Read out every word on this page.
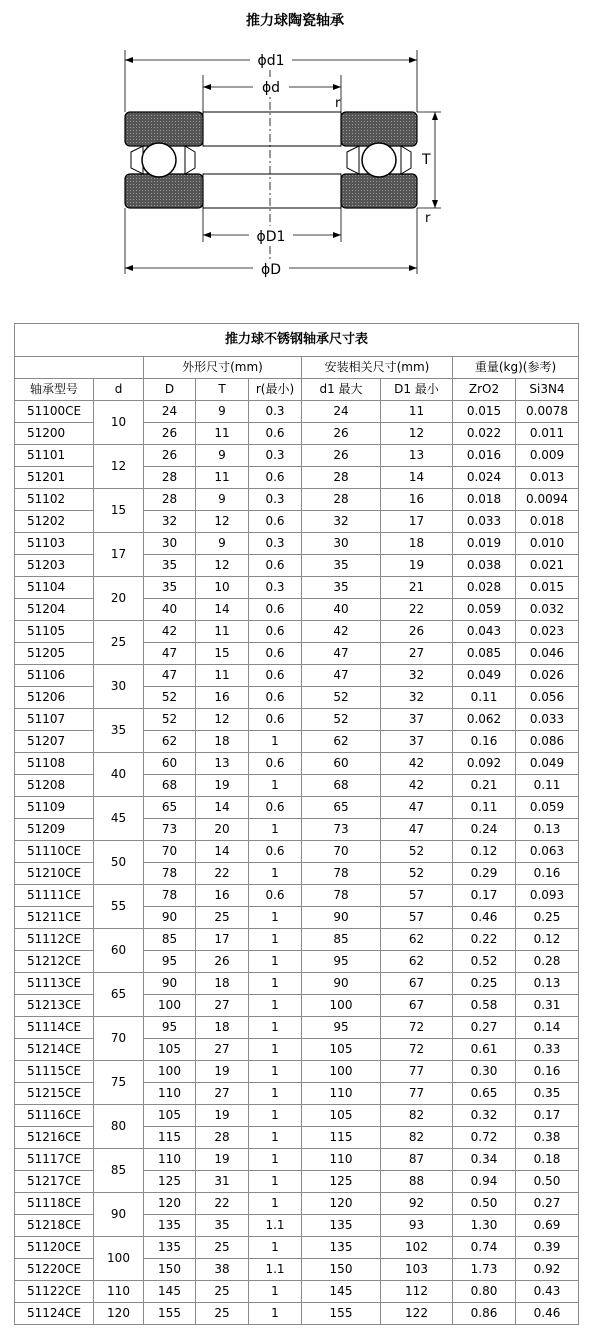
推力球陶瓷轴承
ϕd1
ϕd
r
T
r
ϕD1
ϕD
推力球不锈钢轴承尺寸表								
		外形尺寸(mm)			安装相关尺寸(mm)		重量(kg)(参考)	
轴承型号	d	D	T	r(最小)	d1 最大	D1 最小	ZrO2	Si3N4
51100CE	10	24	9	0.3	24	11	0.015	0.0078
51200		26	11	0.6	26	12	0.022	0.011
51101	12	26	9	0.3	26	13	0.016	0.009
51201		28	11	0.6	28	14	0.024	0.013
51102	15	28	9	0.3	28	16	0.018	0.0094
51202		32	12	0.6	32	17	0.033	0.018
51103	17	30	9	0.3	30	18	0.019	0.010
51203		35	12	0.6	35	19	0.038	0.021
51104	20	35	10	0.3	35	21	0.028	0.015
51204		40	14	0.6	40	22	0.059	0.032
51105	25	42	11	0.6	42	26	0.043	0.023
51205		47	15	0.6	47	27	0.085	0.046
51106	30	47	11	0.6	47	32	0.049	0.026
51206		52	16	0.6	52	32	0.11	0.056
51107	35	52	12	0.6	52	37	0.062	0.033
51207		62	18	1	62	37	0.16	0.086
51108	40	60	13	0.6	60	42	0.092	0.049
51208		68	19	1	68	42	0.21	0.11
51109	45	65	14	0.6	65	47	0.11	0.059
51209		73	20	1	73	47	0.24	0.13
51110CE	50	70	14	0.6	70	52	0.12	0.063
51210CE		78	22	1	78	52	0.29	0.16
51111CE	55	78	16	0.6	78	57	0.17	0.093
51211CE		90	25	1	90	57	0.46	0.25
51112CE	60	85	17	1	85	62	0.22	0.12
51212CE		95	26	1	95	62	0.52	0.28
51113CE	65	90	18	1	90	67	0.25	0.13
51213CE		100	27	1	100	67	0.58	0.31
51114CE	70	95	18	1	95	72	0.27	0.14
51214CE		105	27	1	105	72	0.61	0.33
51115CE	75	100	19	1	100	77	0.30	0.16
51215CE		110	27	1	110	77	0.65	0.35
51116CE	80	105	19	1	105	82	0.32	0.17
51216CE		115	28	1	115	82	0.72	0.38
51117CE	85	110	19	1	110	87	0.34	0.18
51217CE		125	31	1	125	88	0.94	0.50
51118CE	90	120	22	1	120	92	0.50	0.27
51218CE		135	35	1.1	135	93	1.30	0.69
51120CE	100	135	25	1	135	102	0.74	0.39
51220CE		150	38	1.1	150	103	1.73	0.92
51122CE	110	145	25	1	145	112	0.80	0.43
51124CE	120	155	25	1	155	122	0.86	0.46
